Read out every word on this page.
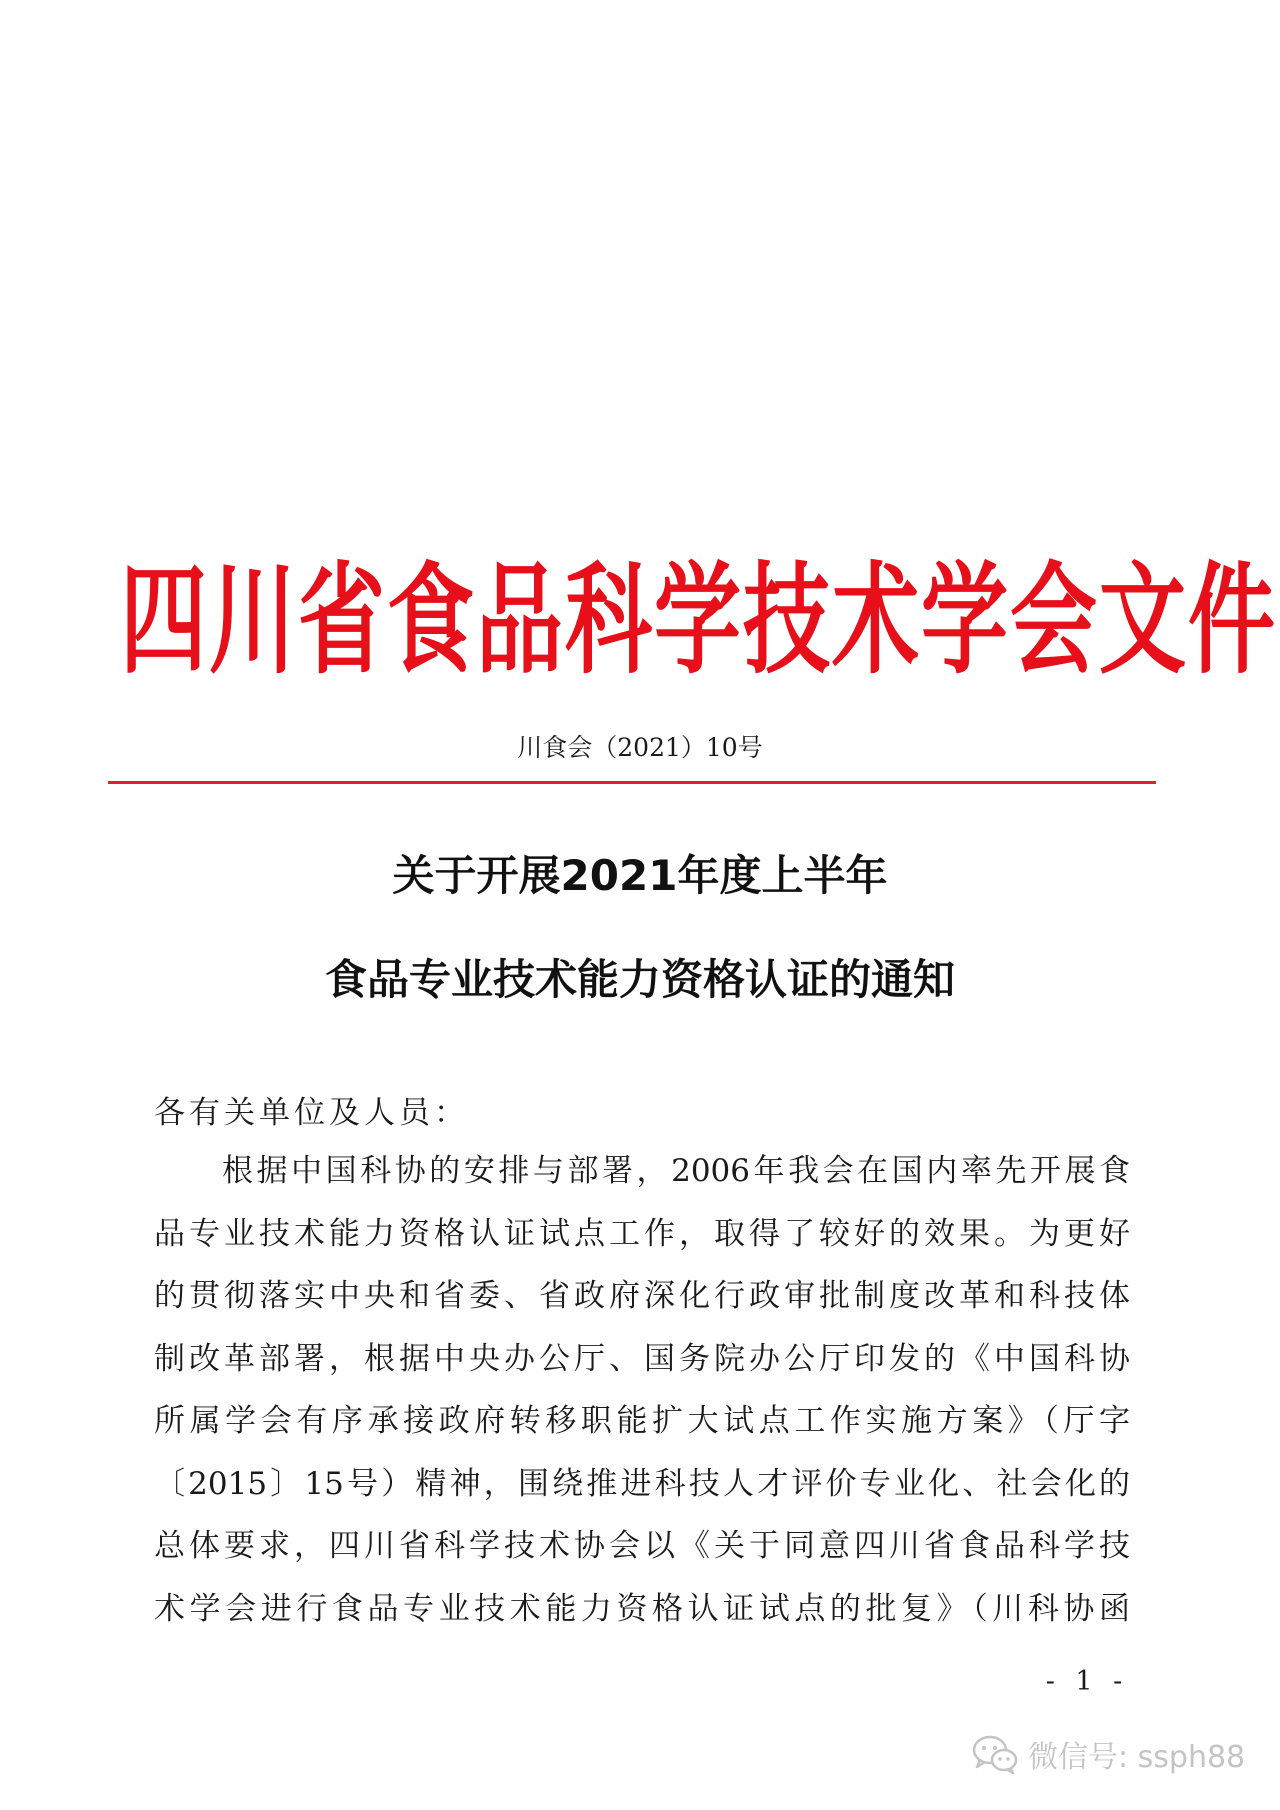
四川省食品科学技术学会文件
川食会（2021）10号
关于开展2021年度上半年
食品专业技术能力资格认证的通知
各有关单位及人员：
根据中国科协的安排与部署，2006年我会在国内率先开展食
品专业技术能力资格认证试点工作，取得了较好的效果。为更好
的贯彻落实中央和省委、省政府深化行政审批制度改革和科技体
制改革部署，根据中央办公厅、国务院办公厅印发的《中国科协
所属学会有序承接政府转移职能扩大试点工作实施方案》（厅字
〔2015〕15号）精神，围绕推进科技人才评价专业化、社会化的
总体要求，四川省科学技术协会以《关于同意四川省食品科学技
术学会进行食品专业技术能力资格认证试点的批复》（川科协函
- 1 -
微信号: ssph88
